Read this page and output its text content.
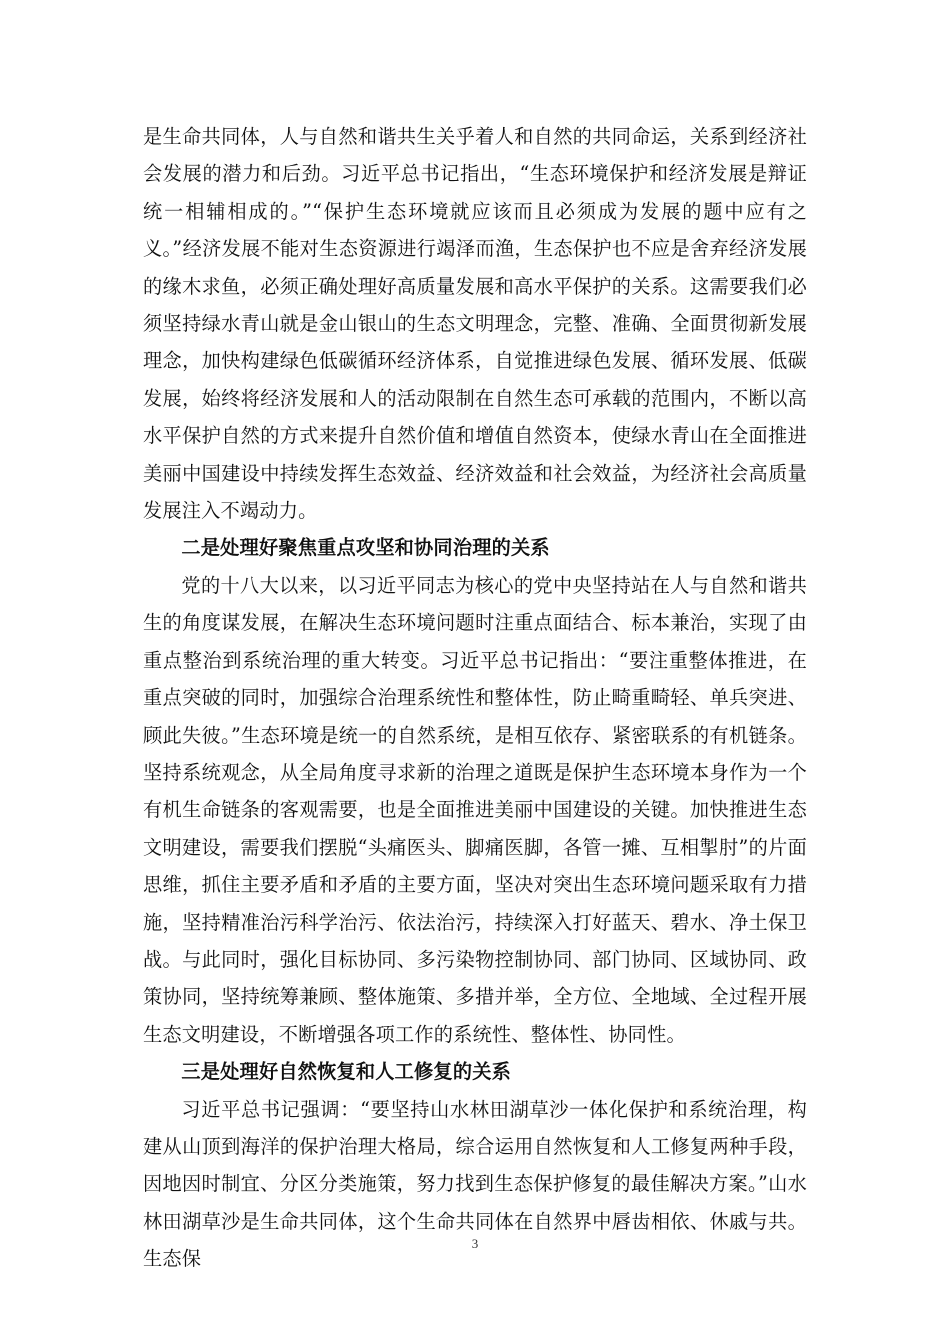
是生命共同体，人与自然和谐共生关乎着人和自然的共同命运，关系到经济社会发展的潜力和后劲。习近平总书记指出，“生态环境保护和经济发展是辩证统一相辅相成的。”“保护生态环境就应该而且必须成为发展的题中应有之义。”经济发展不能对生态资源进行竭泽而渔，生态保护也不应是舍弃经济发展的缘木求鱼，必须正确处理好高质量发展和高水平保护的关系。这需要我们必须坚持绿水青山就是金山银山的生态文明理念，完整、准确、全面贯彻新发展理念，加快构建绿色低碳循环经济体系，自觉推进绿色发展、循环发展、低碳发展，始终将经济发展和人的活动限制在自然生态可承载的范围内，不断以高水平保护自然的方式来提升自然价值和增值自然资本，使绿水青山在全面推进美丽中国建设中持续发挥生态效益、经济效益和社会效益，为经济社会高质量发展注入不竭动力。

二是处理好聚焦重点攻坚和协同治理的关系

党的十八大以来，以习近平同志为核心的党中央坚持站在人与自然和谐共生的角度谋发展，在解决生态环境问题时注重点面结合、标本兼治，实现了由重点整治到系统治理的重大转变。习近平总书记指出：“要注重整体推进，在重点突破的同时，加强综合治理系统性和整体性，防止畸重畸轻、单兵突进、顾此失彼。”生态环境是统一的自然系统，是相互依存、紧密联系的有机链条。坚持系统观念，从全局角度寻求新的治理之道既是保护生态环境本身作为一个有机生命链条的客观需要，也是全面推进美丽中国建设的关键。加快推进生态文明建设，需要我们摆脱“头痛医头、脚痛医脚，各管一摊、互相掣肘”的片面思维，抓住主要矛盾和矛盾的主要方面，坚决对突出生态环境问题采取有力措施，坚持精准治污科学治污、依法治污，持续深入打好蓝天、碧水、净土保卫战。与此同时，强化目标协同、多污染物控制协同、部门协同、区域协同、政策协同，坚持统筹兼顾、整体施策、多措并举，全方位、全地域、全过程开展生态文明建设，不断增强各项工作的系统性、整体性、协同性。

三是处理好自然恢复和人工修复的关系

习近平总书记强调：“要坚持山水林田湖草沙一体化保护和系统治理，构建从山顶到海洋的保护治理大格局，综合运用自然恢复和人工修复两种手段，因地因时制宜、分区分类施策，努力找到生态保护修复的最佳解决方案。”山水林田湖草沙是生命共同体，这个生命共同体在自然界中唇齿相依、休戚与共。生态保

3
